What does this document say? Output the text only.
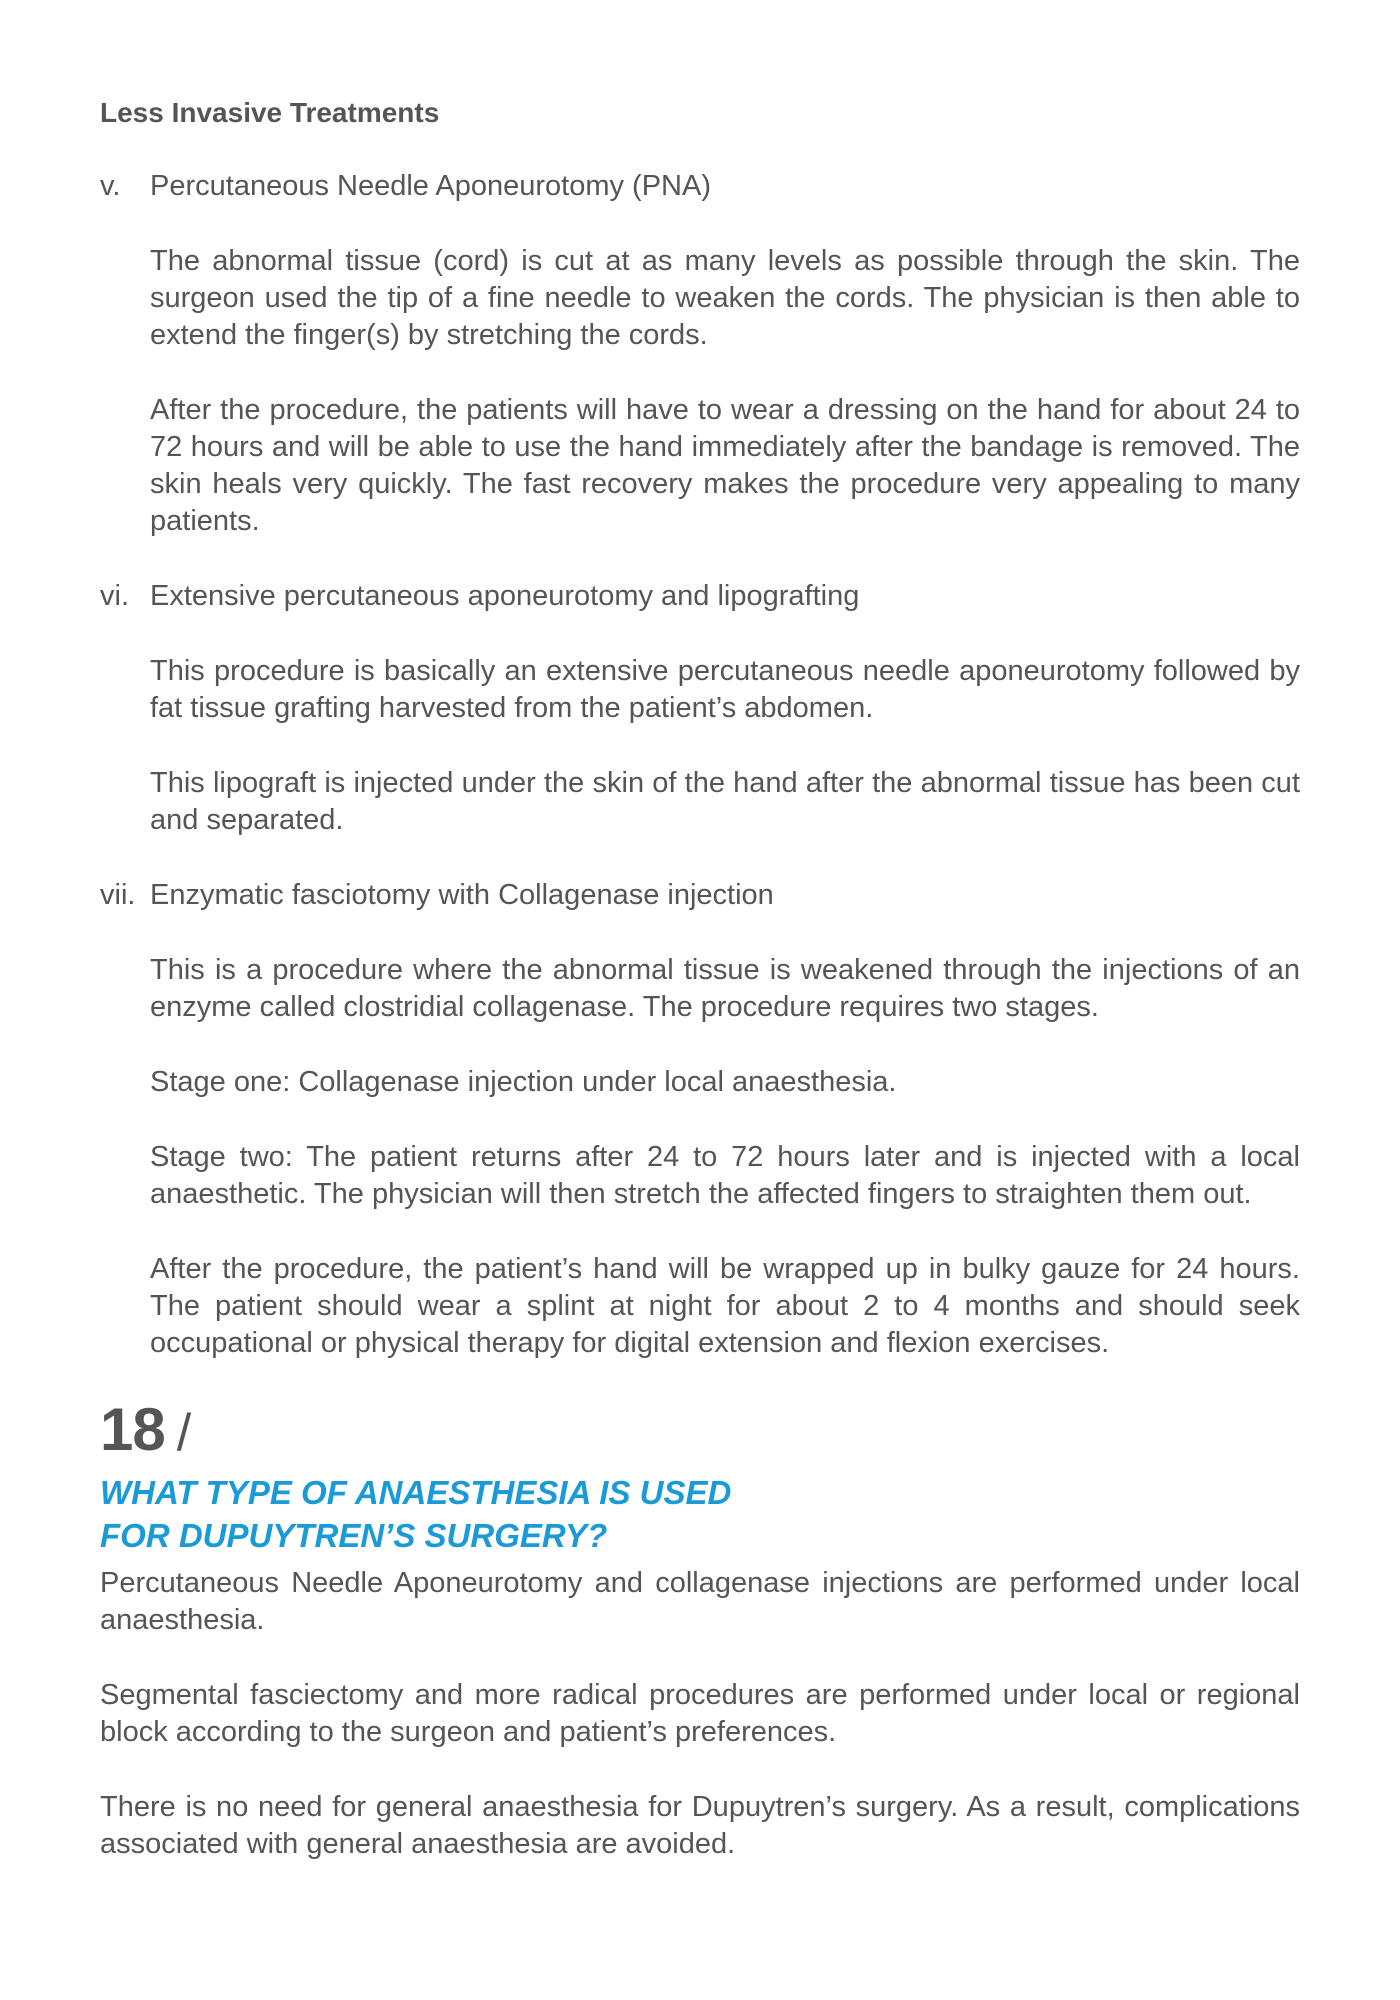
Less Invasive Treatments
v.	Percutaneous Needle Aponeurotomy (PNA)

The abnormal tissue (cord) is cut at as many levels as possible through the skin. The surgeon used the tip of a fine needle to weaken the cords. The physician is then able to extend the finger(s) by stretching the cords.

After the procedure, the patients will have to wear a dressing on the hand for about 24 to 72 hours and will be able to use the hand immediately after the bandage is removed. The skin heals very quickly. The fast recovery makes the procedure very appealing to many patients.

vi. Extensive percutaneous aponeurotomy and lipografting

This procedure is basically an extensive percutaneous needle aponeurotomy followed by fat tissue grafting harvested from the patient’s abdomen.

This lipograft is injected under the skin of the hand after the abnormal tissue has been cut and separated.

vii. Enzymatic fasciotomy with Collagenase injection

This is a procedure where the abnormal tissue is weakened through the injections of an enzyme called clostridial collagenase. The procedure requires two stages.

Stage one: Collagenase injection under local anaesthesia.

Stage two: The patient returns after 24 to 72 hours later and is injected with a local anaesthetic. The physician will then stretch the affected fingers to straighten them out.

After the procedure, the patient’s hand will be wrapped up in bulky gauze for 24 hours. The patient should wear a splint at night for about 2 to 4 months and should seek occupational or physical therapy for digital extension and flexion exercises.

18 /
WHAT TYPE OF ANAESTHESIA IS USED
FOR DUPUYTREN’S SURGERY?

Percutaneous Needle Aponeurotomy and collagenase injections are performed under local anaesthesia.

Segmental fasciectomy and more radical procedures are performed under local or regional block according to the surgeon and patient’s preferences.

There is no need for general anaesthesia for Dupuytren’s surgery. As a result, complications associated with general anaesthesia are avoided.
